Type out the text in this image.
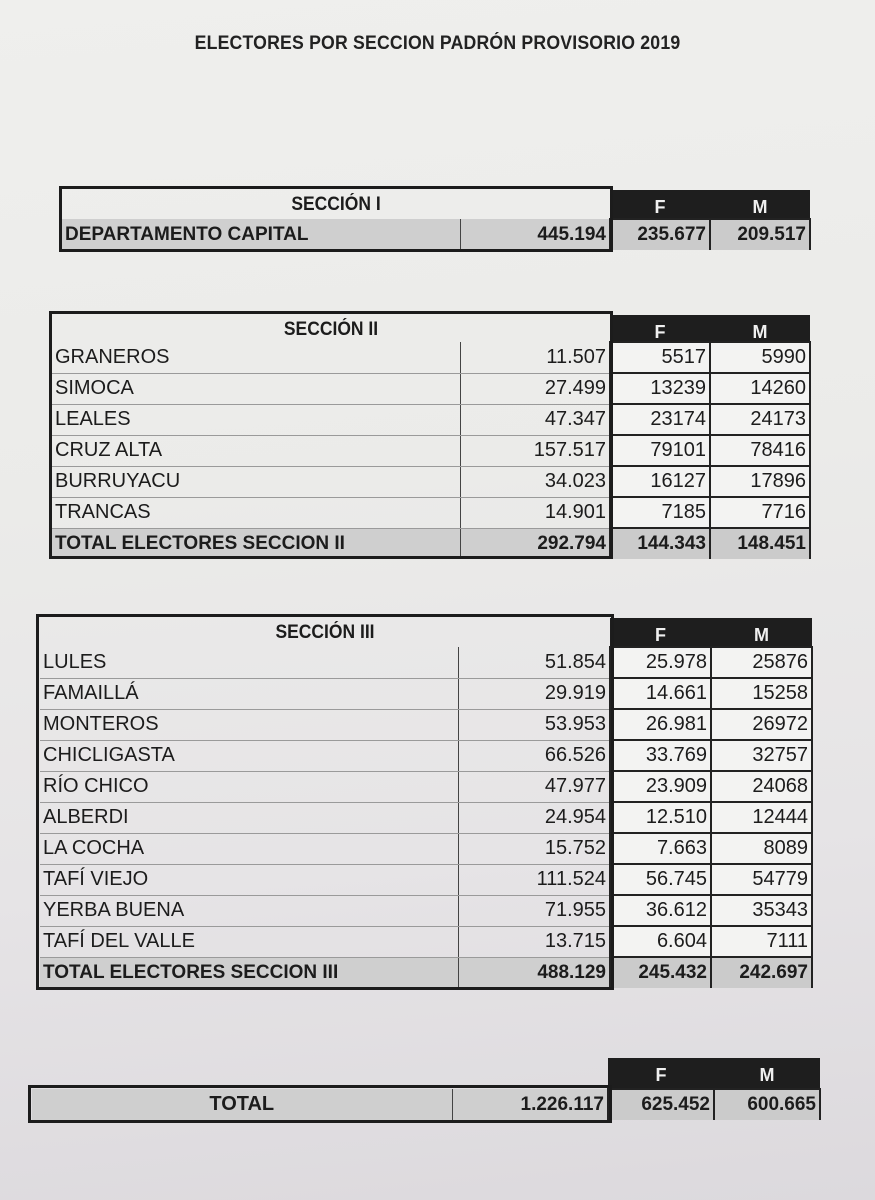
ELECTORES POR SECCION PADRÓN PROVISORIO 2019
SECCIÓN I	F	M
DEPARTAMENTO CAPITAL	445.194	235.677	209.517
SECCIÓN II	F	M
GRANEROS	11.507	5517	5990
SIMOCA	27.499	13239	14260
LEALES	47.347	23174	24173
CRUZ ALTA	157.517	79101	78416
BURRUYACU	34.023	16127	17896
TRANCAS	14.901	7185	7716
TOTAL ELECTORES SECCION II	292.794	144.343	148.451
SECCIÓN III	F	M
LULES	51.854	25.978	25876
FAMAILLÁ	29.919	14.661	15258
MONTEROS	53.953	26.981	26972
CHICLIGASTA	66.526	33.769	32757
RÍO CHICO	47.977	23.909	24068
ALBERDI	24.954	12.510	12444
LA COCHA	15.752	7.663	8089
TAFÍ VIEJO	111.524	56.745	54779
YERBA BUENA	71.955	36.612	35343
TAFÍ DEL VALLE	13.715	6.604	7111
TOTAL ELECTORES SECCION III	488.129	245.432	242.697
F	M
TOTAL	1.226.117	625.452	600.665
